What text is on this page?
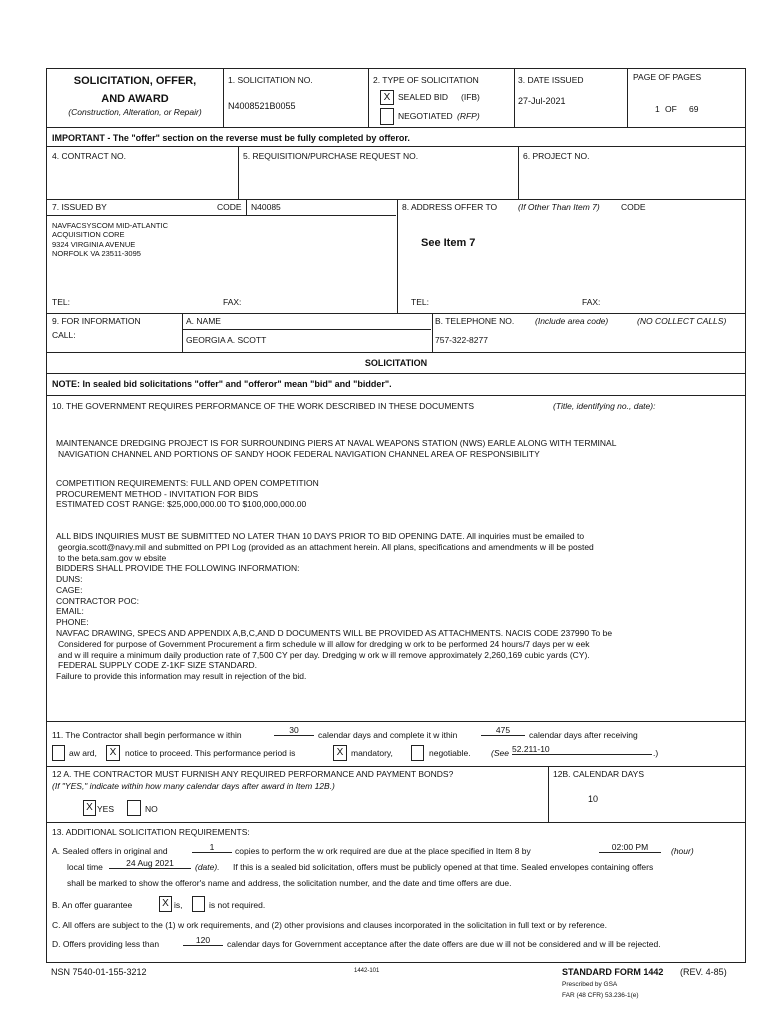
SOLICITATION, OFFER,
AND AWARD
(Construction, Alteration, or Repair)
1. SOLICITATION NO.
N4008521B0055
2. TYPE OF SOLICITATION
X SEALED BID (IFB)
NEGOTIATED (RFP)
3. DATE ISSUED
27-Jul-2021
PAGE OF PAGES
1 OF 69
IMPORTANT - The "offer" section on the reverse must be fully completed by offeror.
4. CONTRACT NO.	5. REQUISITION/PURCHASE REQUEST NO.	6. PROJECT NO.
7. ISSUED BY	CODE N40085
NAVFACSYSCOM MID-ATLANTIC
ACQUISITION CORE
9324 VIRGINIA AVENUE
NORFOLK VA 23511-3095
TEL:	FAX:
8. ADDRESS OFFER TO (If Other Than Item 7)	CODE
See Item 7
TEL:	FAX:
9. FOR INFORMATION
CALL:
A. NAME
GEORGIA A. SCOTT
B. TELEPHONE NO. (Include area code)	(NO COLLECT CALLS)
757-322-8277
SOLICITATION
NOTE: In sealed bid solicitations "offer" and "offeror" mean "bid" and "bidder".
10. THE GOVERNMENT REQUIRES PERFORMANCE OF THE WORK DESCRIBED IN THESE DOCUMENTS	(Title, identifying no., date):
MAINTENANCE DREDGING PROJECT IS FOR SURROUNDING PIERS AT NAVAL WEAPONS STATION (NWS) EARLE ALONG WITH TERMINAL
NAVIGATION CHANNEL AND PORTIONS OF SANDY HOOK FEDERAL NAVIGATION CHANNEL AREA OF RESPONSIBILITY
COMPETITION REQUIREMENTS: FULL AND OPEN COMPETITION
PROCUREMENT METHOD - INVITATION FOR BIDS
ESTIMATED COST RANGE: $25,000,000.00 TO $100,000,000.00
ALL BIDS INQUIRIES MUST BE SUBMITTED NO LATER THAN 10 DAYS PRIOR TO BID OPENING DATE. All inquiries must be emailed to
georgia.scott@navy.mil and submitted on PPI Log (provided as an attachment herein. All plans, specifications and amendments w ill be posted
to the beta.sam.gov w ebsite
BIDDERS SHALL PROVIDE THE FOLLOWING INFORMATION:
DUNS:
CAGE:
CONTRACTOR POC:
EMAIL:
PHONE:
NAVFAC DRAWING, SPECS AND APPENDIX A,B,C,AND D DOCUMENTS WILL BE PROVIDED AS ATTACHMENTS. NACIS CODE 237990 To be
Considered for purpose of Government Procurement a firm schedule w ill allow for dredging w ork to be performed 24 hours/7 days per w eek
and w ill require a minimum daily production rate of 7,500 CY per day. Dredging w ork w ill remove approximately 2,260,169 cubic yards (CY).
FEDERAL SUPPLY CODE Z-1KF SIZE STANDARD.
Failure to provide this information may result in rejection of the bid.
11. The Contractor shall begin performance w ithin	30	calendar days and complete it w ithin	475	calendar days after receiving
aw ard,	X	notice to proceed. This performance period is	X mandatory,	negotiable. (See 52.211-10	.)
12 A. THE CONTRACTOR MUST FURNISH ANY REQUIRED PERFORMANCE AND PAYMENT BONDS?
(If "YES," indicate within how many calendar days after award in Item 12B.)
X YES	NO
12B. CALENDAR DAYS
10
13. ADDITIONAL SOLICITATION REQUIREMENTS:
A. Sealed offers in original and	1	copies to perform the w ork required are due at the place specified in Item 8 by	02:00 PM	(hour)
local time	24 Aug 2021	(date). If this is a sealed bid solicitation, offers must be publicly opened at that time. Sealed envelopes containing offers
shall be marked to show the offeror's name and address, the solicitation number, and the date and time offers are due.
B. An offer guarantee	X is,	is not required.
C. All offers are subject to the (1) w ork requirements, and (2) other provisions and clauses incorporated in the solicitation in full text or by reference.
D. Offers providing less than	120	calendar days for Government acceptance after the date offers are due w ill not be considered and w ill be rejected.
NSN 7540-01-155-3212	1442-101	STANDARD FORM 1442 (REV. 4-85)
Prescribed by GSA
FAR (48 CFR) 53.236-1(e)
